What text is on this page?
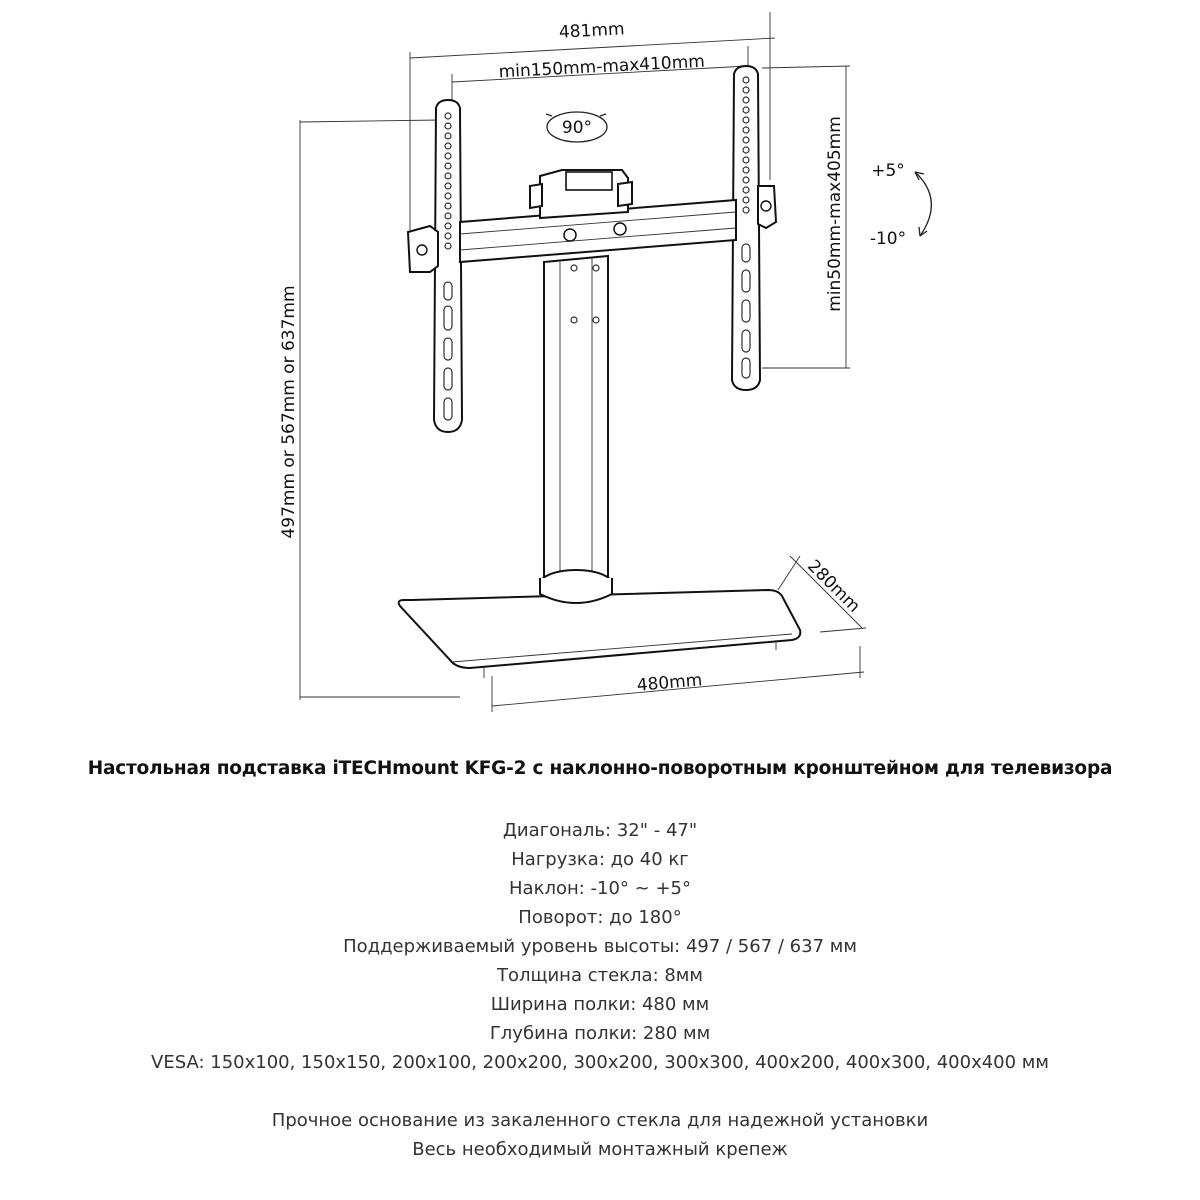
481mm
min150mm-max410mm
90°	min50mm-max405mm +5°
-10°
497mm or 567mm or 637mm
480mm
280mm
Настольная подставка iTECHmount KFG-2 с наклонно-поворотным кронштейном для телевизора
Диагональ: 32" - 47"
Нагрузка: до 40 кг
Наклон: -10° ~ +5°
Поворот: до 180°
Поддерживаемый уровень высоты: 497 / 567 / 637 мм
Толщина стекла: 8мм
Ширина полки: 480 мм
Глубина полки: 280 мм
VESA: 150x100, 150x150, 200x100, 200x200, 300x200, 300x300, 400x200, 400x300, 400x400 мм
Прочное основание из закаленного стекла для надежной установки
Весь необходимый монтажный крепеж
